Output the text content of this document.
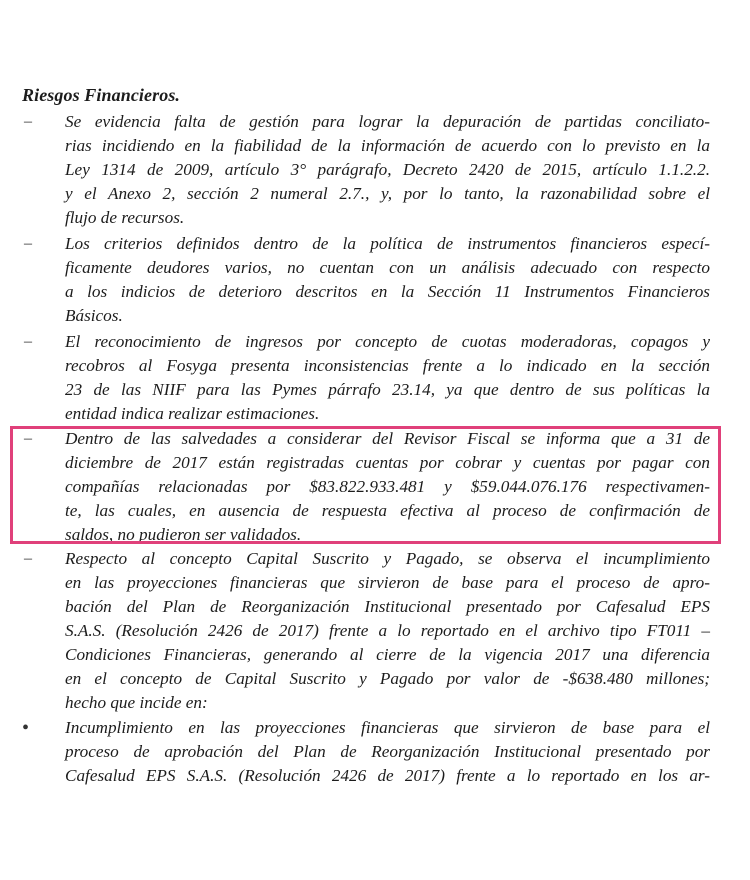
Riesgos Financieros.
– Se evidencia falta de gestión para lograr la depuración de partidas conciliato-
rias incidiendo en la fiabilidad de la información de acuerdo con lo previsto en la
Ley 1314 de 2009, artículo 3° parágrafo, Decreto 2420 de 2015, artículo 1.1.2.2.
y el Anexo 2, sección 2 numeral 2.7., y, por lo tanto, la razonabilidad sobre el
flujo de recursos.
– Los criterios definidos dentro de la política de instrumentos financieros especí-
ficamente deudores varios, no cuentan con un análisis adecuado con respecto
a los indicios de deterioro descritos en la Sección 11 Instrumentos Financieros
Básicos.
– El reconocimiento de ingresos por concepto de cuotas moderadoras, copagos y
recobros al Fosyga presenta inconsistencias frente a lo indicado en la sección
23 de las NIIF para las Pymes párrafo 23.14, ya que dentro de sus políticas la
entidad indica realizar estimaciones.
– Dentro de las salvedades a considerar del Revisor Fiscal se informa que a 31 de
diciembre de 2017 están registradas cuentas por cobrar y cuentas por pagar con
compañías relacionadas por $83.822.933.481 y $59.044.076.176 respectivamen-
te, las cuales, en ausencia de respuesta efectiva al proceso de confirmación de
saldos, no pudieron ser validados.
– Respecto al concepto Capital Suscrito y Pagado, se observa el incumplimiento
en las proyecciones financieras que sirvieron de base para el proceso de apro-
bación del Plan de Reorganización Institucional presentado por Cafesalud EPS
S.A.S. (Resolución 2426 de 2017) frente a lo reportado en el archivo tipo FT011 –
Condiciones Financieras, generando al cierre de la vigencia 2017 una diferencia
en el concepto de Capital Suscrito y Pagado por valor de -$638.480 millones;
hecho que incide en:
• Incumplimiento en las proyecciones financieras que sirvieron de base para el
proceso de aprobación del Plan de Reorganización Institucional presentado por
Cafesalud EPS S.A.S. (Resolución 2426 de 2017) frente a lo reportado en los ar-
